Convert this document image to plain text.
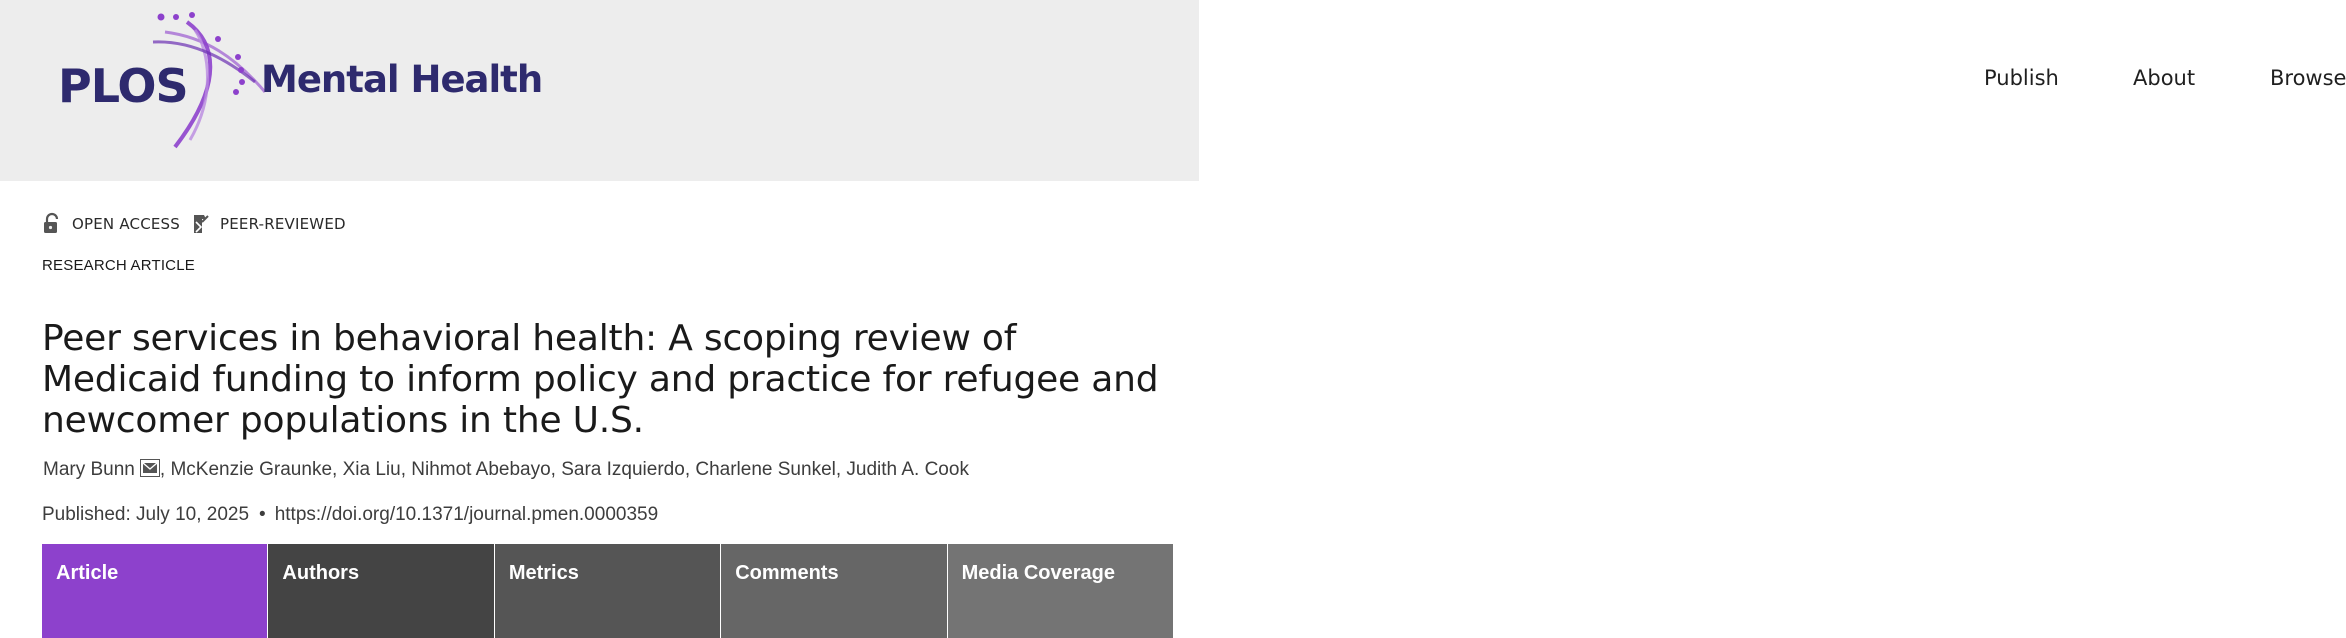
PLOS Mental Health	Publish	About	Browse
OPEN ACCESS	PEER-REVIEWED
RESEARCH ARTICLE
Peer services in behavioral health: A scoping review of Medicaid funding to inform policy and practice for refugee and newcomer populations in the U.S.
Mary Bunn , McKenzie Graunke, Xia Liu, Nihmot Abebayo, Sara Izquierdo, Charlene Sunkel, Judith A. Cook
Published: July 10, 2025 • https://doi.org/10.1371/journal.pmen.0000359
Article	Authors	Metrics	Comments	Media Coverage
